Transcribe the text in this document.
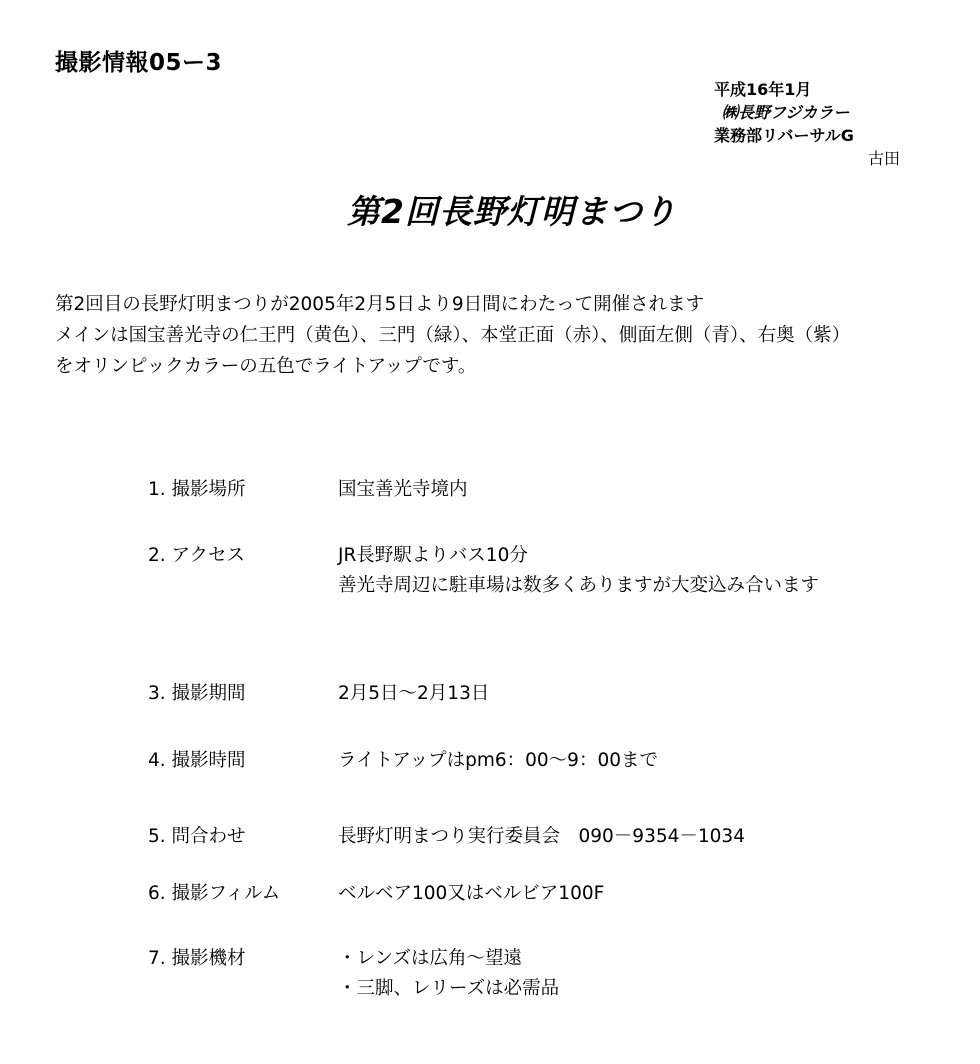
撮影情報05ー3
平成16年1月
㈱長野フジカラー
業務部リバーサルG
古田
第2回長野灯明まつり
第2回目の長野灯明まつりが2005年2月5日より9日間にわたって開催されます
メインは国宝善光寺の仁王門（黄色）、三門（緑）、本堂正面（赤）、側面左側（青）、右奥（紫）
をオリンピックカラーの五色でライトアップです。
1. 撮影場所	国宝善光寺境内
2. アクセス	JR長野駅よりバス10分
善光寺周辺に駐車場は数多くありますが大変込み合います
3. 撮影期間	2月5日～2月13日
4. 撮影時間	ライトアップはpm6：00～9：00まで
5. 問合わせ	長野灯明まつり実行委員会　090－9354－1034
6. 撮影フィルム	ベルベア100又はベルビア100F
7. 撮影機材	・レンズは広角～望遠
・三脚、レリーズは必需品
